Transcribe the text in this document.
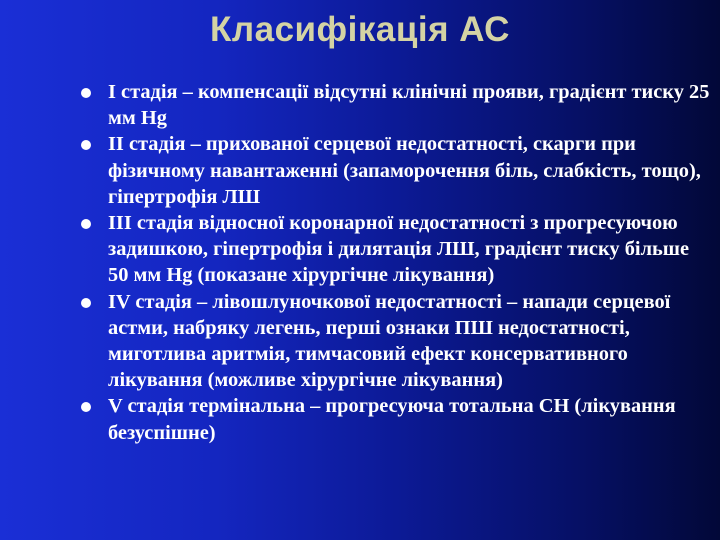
Класифікація АС
І стадія – компенсації відсутні клінічні прояви, градієнт тиску 25 мм Hg
ІІ стадія – прихованої серцевої недостатності, скарги при фізичному навантаженні (запаморочення біль, слабкість, тощо), гіпертрофія ЛШ
ІІІ стадія відносної коронарної недостатності з прогресуючою задишкою, гіпертрофія і дилятація ЛШ, градієнт тиску більше 50 мм Hg (показане хірургічне лікування)
IV стадія – лівошлуночкової недостатності – напади серцевої астми, набряку легень, перші ознаки ПШ недостатності, миготлива аритмія, тимчасовий ефект консервативного лікування (можливе хірургічне лікування)
V стадія термінальна – прогресуюча тотальна СН (лікування безуспішне)
